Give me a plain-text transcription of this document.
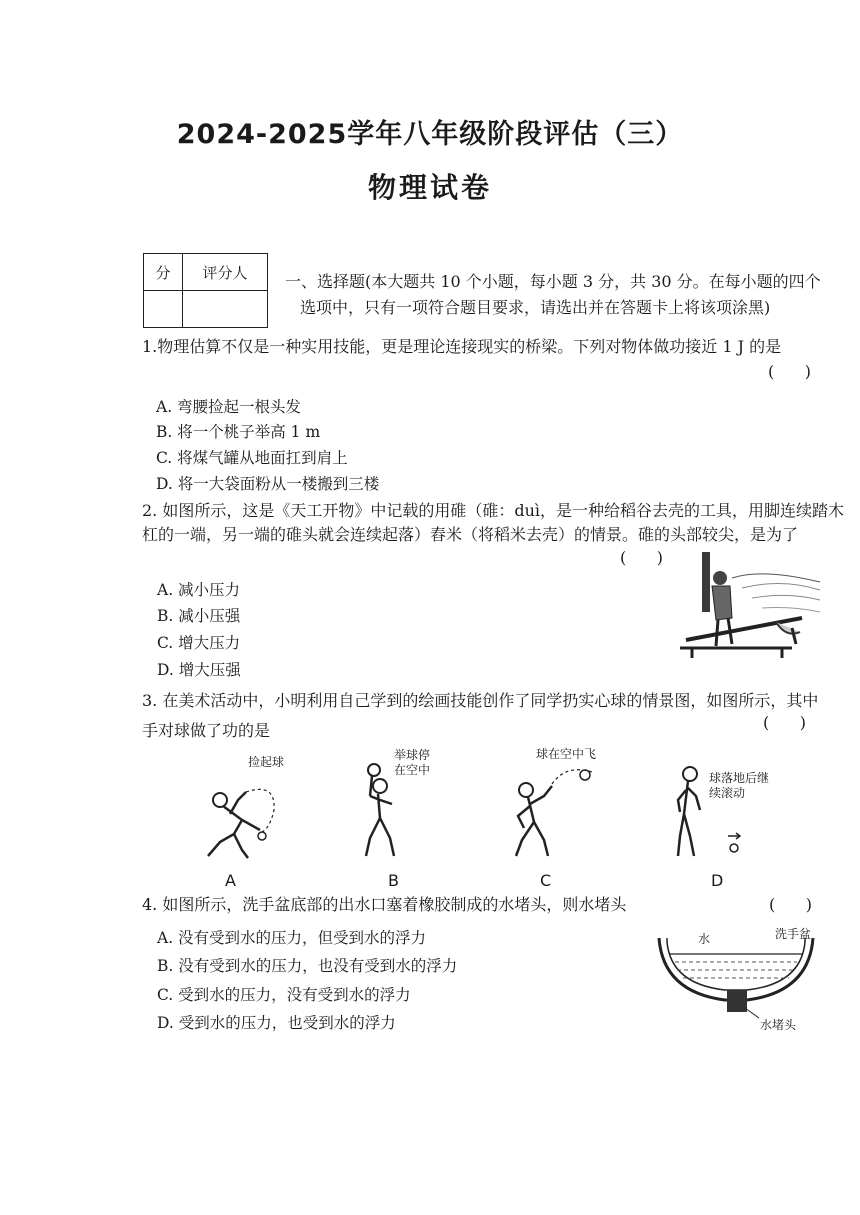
2024-2025学年八年级阶段评估（三）
物理试卷
分	评分人
	一、选择题(本大题共 10 个小题，每小题 3 分，共 30 分。在每小题的四个
选项中，只有一项符合题目要求，请选出并在答题卡上将该项涂黑)
1.物理估算不仅是一种实用技能，更是理论连接现实的桥梁。下列对物体做功接近 1 J 的是
(      )
A. 弯腰捡起一根头发
B. 将一个桃子举高 1 m
C. 将煤气罐从地面扛到肩上
D. 将一大袋面粉从一楼搬到三楼
2. 如图所示，这是《天工开物》中记载的用碓（碓：duì，是一种给稻谷去壳的工具，用脚连续踏木
杠的一端，另一端的碓头就会连续起落）舂米（将稻米去壳）的情景。碓的头部较尖，是为了
(      )
A. 减小压力
B. 减小压强
C. 增大压力
D. 增大压强
3. 在美术活动中，小明利用自己学到的绘画技能创作了同学扔实心球的情景图，如图所示，其中
手对球做了功的是	(      )
捡起球
A
举球停在空中
B
球在空中飞
C
球落地后继续滚动
D
4. 如图所示，洗手盆底部的出水口塞着橡胶制成的水堵头，则水堵头	(      )
A. 没有受到水的压力，但受到水的浮力
B. 没有受到水的压力，也没有受到水的浮力
C. 受到水的压力，没有受到水的浮力
D. 受到水的压力，也受到水的浮力
水	洗手盆
水堵头
